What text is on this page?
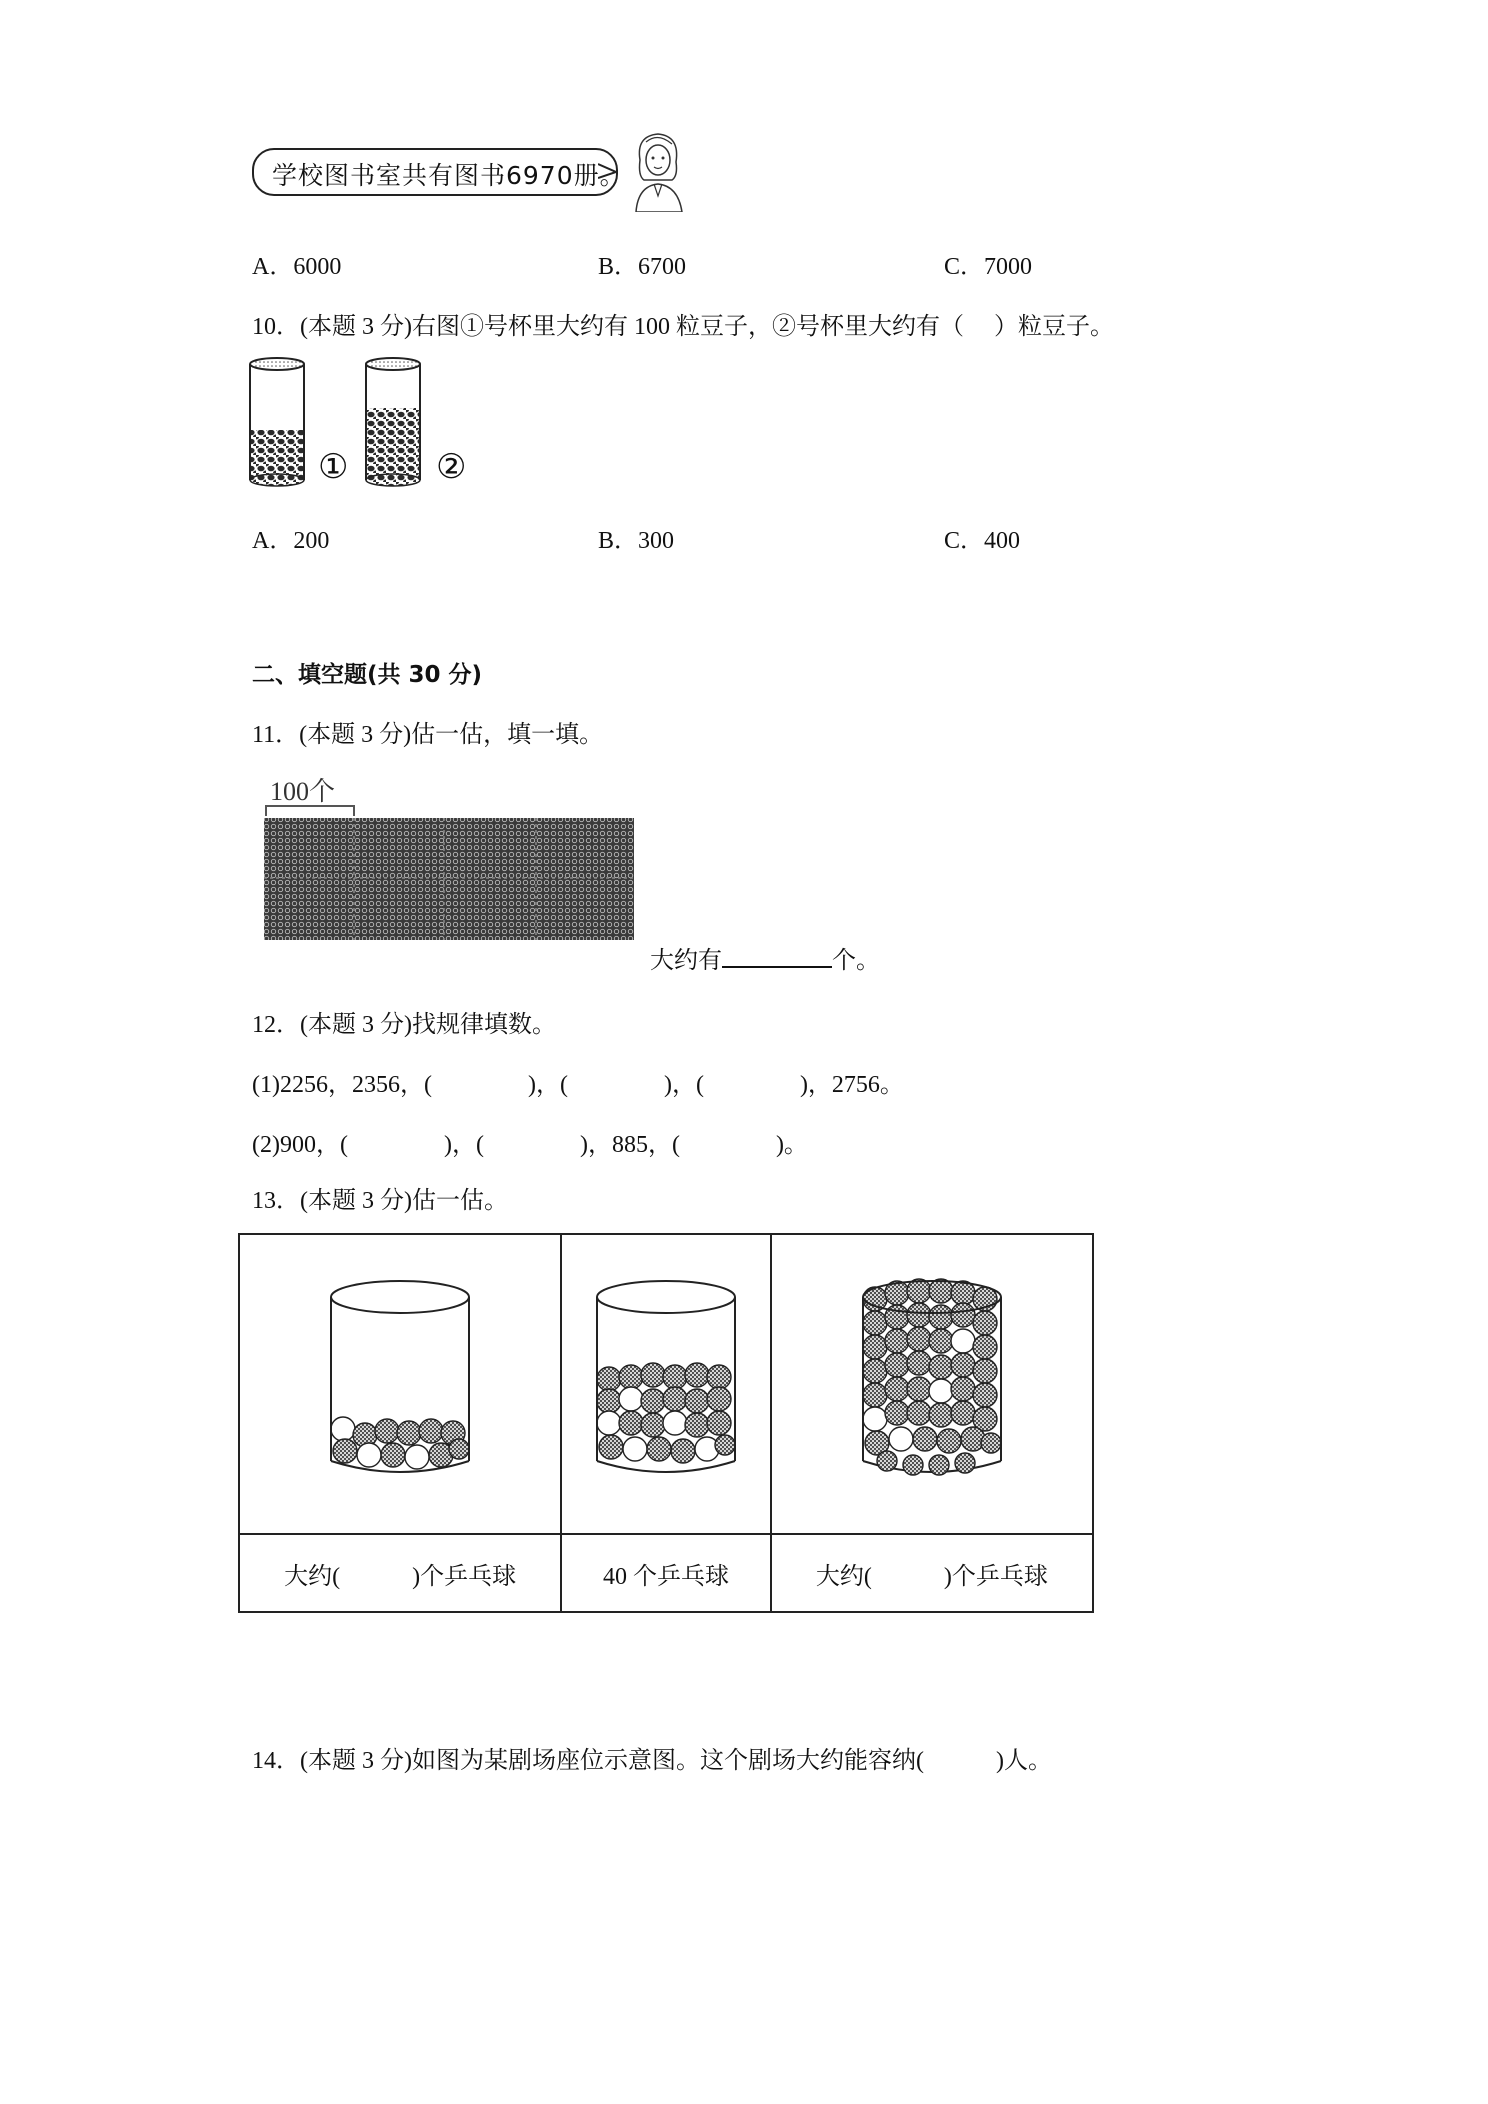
学校图书室共有图书6970册。
A．6000	B．6700	C．7000
10．(本题 3 分)右图①号杯里大约有 100 粒豆子，②号杯里大约有（　 ）粒豆子。
①	②
A．200	B．300	C．400
二、填空题(共 30 分)
11．(本题 3 分)估一估，填一填。
100个
大约有	个。
12．(本题 3 分)找规律填数。
(1)2256，2356，(　　　　)，(　　　　)，(　　　　)，2756。
(2)900，(　　　　)，(　　　　)，885，(　　　　)。
13．(本题 3 分)估一估。

大约(　　　)个乒乓球	40 个乒乓球	大约(　　　)个乒乓球
14．(本题 3 分)如图为某剧场座位示意图。这个剧场大约能容纳(　　　)人。
